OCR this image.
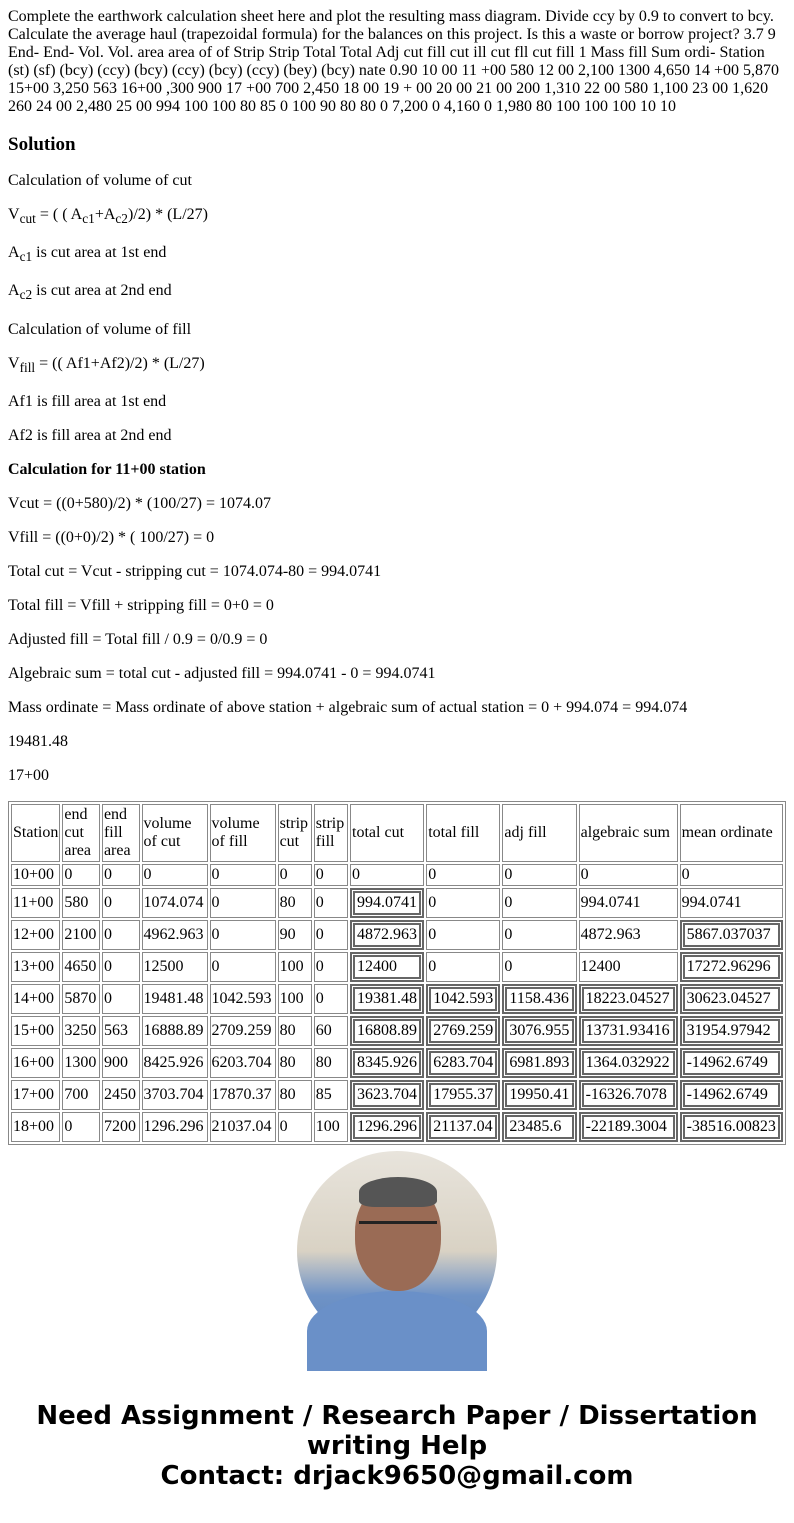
Complete the earthwork calculation sheet here and plot the resulting mass diagram. Divide ccy by 0.9 to convert to bcy. Calculate the average haul (trapezoidal formula) for the balances on this project. Is this a waste or borrow project? 3.7 9 End- End- Vol. Vol. area area of of Strip Strip Total Total Adj cut fill cut ill cut fll cut fill 1 Mass fill Sum ordi- Station (st) (sf) (bcy) (ccy) (bcy) (ccy) (bcy) (ccy) (bey) (bcy) nate 0.90 10 00 11 +00 580 12 00 2,100 1300 4,650 14 +00 5,870 15+00 3,250 563 16+00 ,300 900 17 +00 700 2,450 18 00 19 + 00 20 00 21 00 200 1,310 22 00 580 1,100 23 00 1,620 260 24 00 2,480 25 00 994 100 100 80 85 0 100 90 80 80 0 7,200 0 4,160 0 1,980 80 100 100 100 10 10

Solution

Calculation of volume of cut

$V_{cut}$ = ( ( $A_{c1}+A_{c2})/2) * (L/27)$

$A_{c1}$ is cut area at 1st end

$A_{c2}$ is cut area at 2nd end

Calculation of volume of fill

$V_{fill}$ = (( Af1+Af2)/2) * (L/27)

Af1 is fill area at 1st end

Af2 is fill area at 2nd end

Calculation for 11+00 station

Vcut = ((0+580)/2) * (100/27) = 1074.07

Vfill = ((0+0)/2) * ( 100/27) = 0

Total cut = Vcut - stripping cut = 1074.074-80 = 994.0741

Total fill = Vfill + stripping fill = 0+0 = 0

Adjusted fill = Total fill / 0.9 = 0/0.9 = 0

Algebraic sum = total cut - adjusted fill = 994.0741 - 0 = 994.0741

Mass ordinate = Mass ordinate of above station + algebraic sum of actual station = 0 + 994.074 = 994.074

19481.48

17+00

Station	end cut area	end fill area	volume of cut	volume of fill	strip cut	strip fill	total cut	total fill	adj fill	algebraic sum	mean ordinate
10+00	0	0	0	0	0	0	0	0	0	0	0
11+00	580	0	1074.074	0	80	0	994.0741	0	0	994.0741	994.0741
12+00	2100	0	4962.963	0	90	0	4872.963	0	0	4872.963	5867.037037

13+00	4650	0	12500	0	100	0	12400	0	0	12400	17272.96296

14+00	5870	0	19481.48	1042.593	100	0	19381.48	1042.593	1158.436	18223.04527	30623.04527

15+00	3250	563	16888.89	2709.259	80	60	16808.89	2769.259	3076.955	13731.93416	31954.97942

16+00	1300	900	8425.926	6203.704	80	80	8345.926	6283.704	6981.893	1364.032922	-14962.6749

17+00	700	2450	3703.704	17870.37	80	85	3623.704	17955.37	19950.41	-16326.7078	-14962.6749

18+00	0	7200	1296.296	21037.04	0	100	1296.296	21137.04	23485.6	-22189.3004	-38516.00823
Need Assignment / Research Paper / Dissertation writing Help
Contact: drjack9650@gmail.com
